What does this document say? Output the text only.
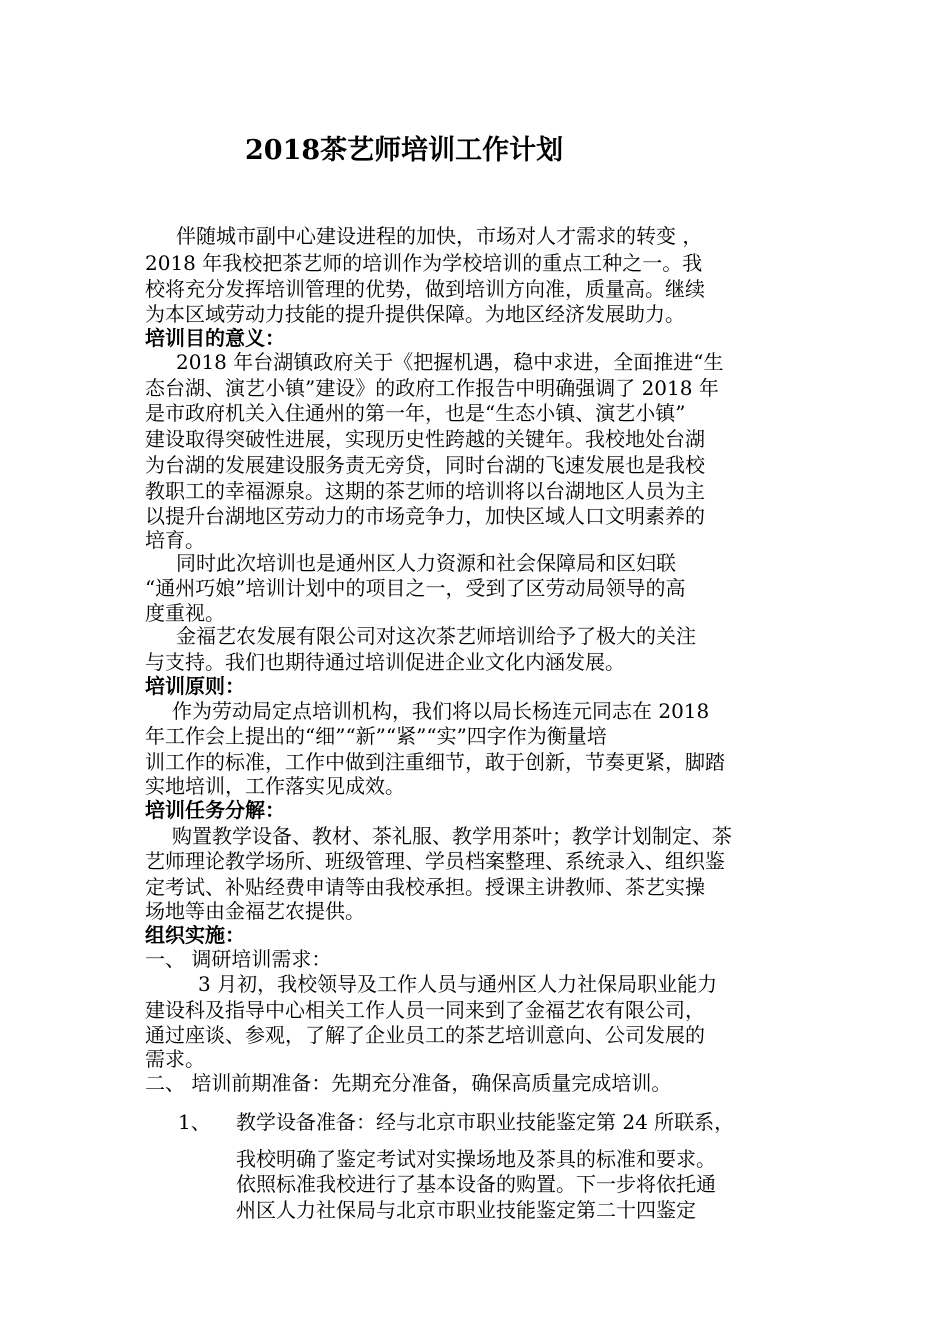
2018茶艺师培训工作计划
伴随城市副中心建设进程的加快，市场对人才需求的转变 ，
2018 年我校把茶艺师的培训作为学校培训的重点工种之一。我
校将充分发挥培训管理的优势，做到培训方向准，质量高。继续
为本区域劳动力技能的提升提供保障。为地区经济发展助力。
培训目的意义：
2018 年台湖镇政府关于《把握机遇，稳中求进，全面推进“生
态台湖、演艺小镇”建设》的政府工作报告中明确强调了 2018 年
是市政府机关入住通州的第一年，也是“生态小镇、演艺小镇”
建设取得突破性进展，实现历史性跨越的关键年。我校地处台湖
为台湖的发展建设服务责无旁贷，同时台湖的飞速发展也是我校
教职工的幸福源泉。这期的茶艺师的培训将以台湖地区人员为主
以提升台湖地区劳动力的市场竞争力，加快区域人口文明素养的
培育。
同时此次培训也是通州区人力资源和社会保障局和区妇联
“通州巧娘”培训计划中的项目之一，受到了区劳动局领导的高
度重视。
金福艺农发展有限公司对这次茶艺师培训给予了极大的关注
与支持。我们也期待通过培训促进企业文化内涵发展。
培训原则：
作为劳动局定点培训机构，我们将以局长杨连元同志在 2018
年工作会上提出的“细”“新”“紧”“实”四字作为衡量培
训工作的标准，工作中做到注重细节，敢于创新，节奏更紧，脚踏
实地培训，工作落实见成效。
培训任务分解：
购置教学设备、教材、茶礼服、教学用茶叶；教学计划制定、茶
艺师理论教学场所、班级管理、学员档案整理、系统录入、组织鉴
定考试、补贴经费申请等由我校承担。授课主讲教师、茶艺实操
场地等由金福艺农提供。
组织实施：
一、 调研培训需求：
3 月初，我校领导及工作人员与通州区人力社保局职业能力
建设科及指导中心相关工作人员一同来到了金福艺农有限公司，
通过座谈、参观，了解了企业员工的茶艺培训意向、公司发展的
需求。
二、 培训前期准备：先期充分准备，确保高质量完成培训。
1、	教学设备准备：经与北京市职业技能鉴定第 24 所联系，
我校明确了鉴定考试对实操场地及茶具的标准和要求。
依照标准我校进行了基本设备的购置。下一步将依托通
州区人力社保局与北京市职业技能鉴定第二十四鉴定
